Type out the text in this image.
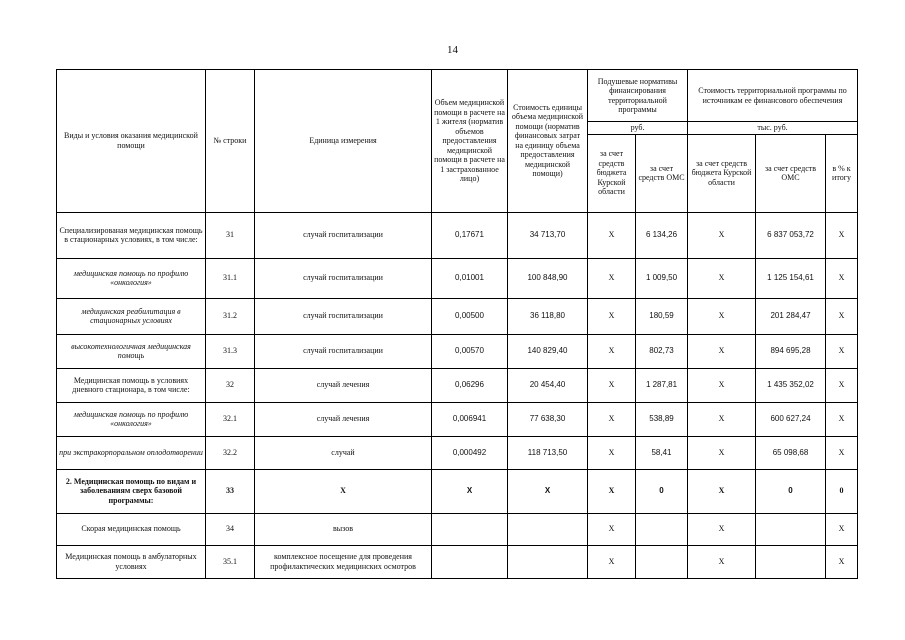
14
Виды и условия оказания медицинской помощи	№ строки	Единица измерения	Объем медицинской помощи в расчете на 1 жителя (норматив объемов предоставления медицинской помощи в расчете на 1 застрахованное лицо)	Стоимость единицы объема медицинской помощи (норматив финансовых затрат на единицу объема предоставления медицинской помощи)	Подушевые нормативы финансирования территориальной программы		Стоимость территориальной программы по источникам ее финансового обеспечения		
					руб.		тыс. руб.		
					за счет средств бюджета Курской области	за счет средств ОМС	за счет средств бюджета Курской области	за счет средств ОМС	в % к итогу
Специализированая медицинская помощь в стационарных условиях, в том числе:	31	случай госпитализации	0,17671	34 713,70	Х	6 134,26	Х	6 837 053,72	Х
медицинская помощь по профилю «онкология»	31.1	случай госпитализации	0,01001	100 848,90	Х	1 009,50	Х	1 125 154,61	Х
медицинская реабилитация в стационарных условиях	31.2	случай госпитализации	0,00500	36 118,80	Х	180,59	Х	201 284,47	Х
высокотехнологичная медицинская помощь	31.3	случай госпитализации	0,00570	140 829,40	Х	802,73	Х	894 695,28	Х
Медицинская помощь в условиях дневного стационара, в том числе:	32	случай лечения	0,06296	20 454,40	Х	1 287,81	Х	1 435 352,02	Х
медицинская помощь по профилю «онкология»	32.1	случай лечения	0,006941	77 638,30	Х	538,89	Х	600 627,24	Х
при экстракорпоральном оплодотворении	32.2	случай	0,000492	118 713,50	Х	58,41	Х	65 098,68	Х
2. Медицинская помощь по видам и заболеваниям сверх базовой программы:	33	Х	Х	Х	Х	0	Х	0	0
Скорая медицинская помощь	34	вызов			Х		Х		Х
Медицинская помощь в амбулаторных условиях	35.1	комплексное посещение для проведения профилактических медицинских осмотров			Х		Х		Х
